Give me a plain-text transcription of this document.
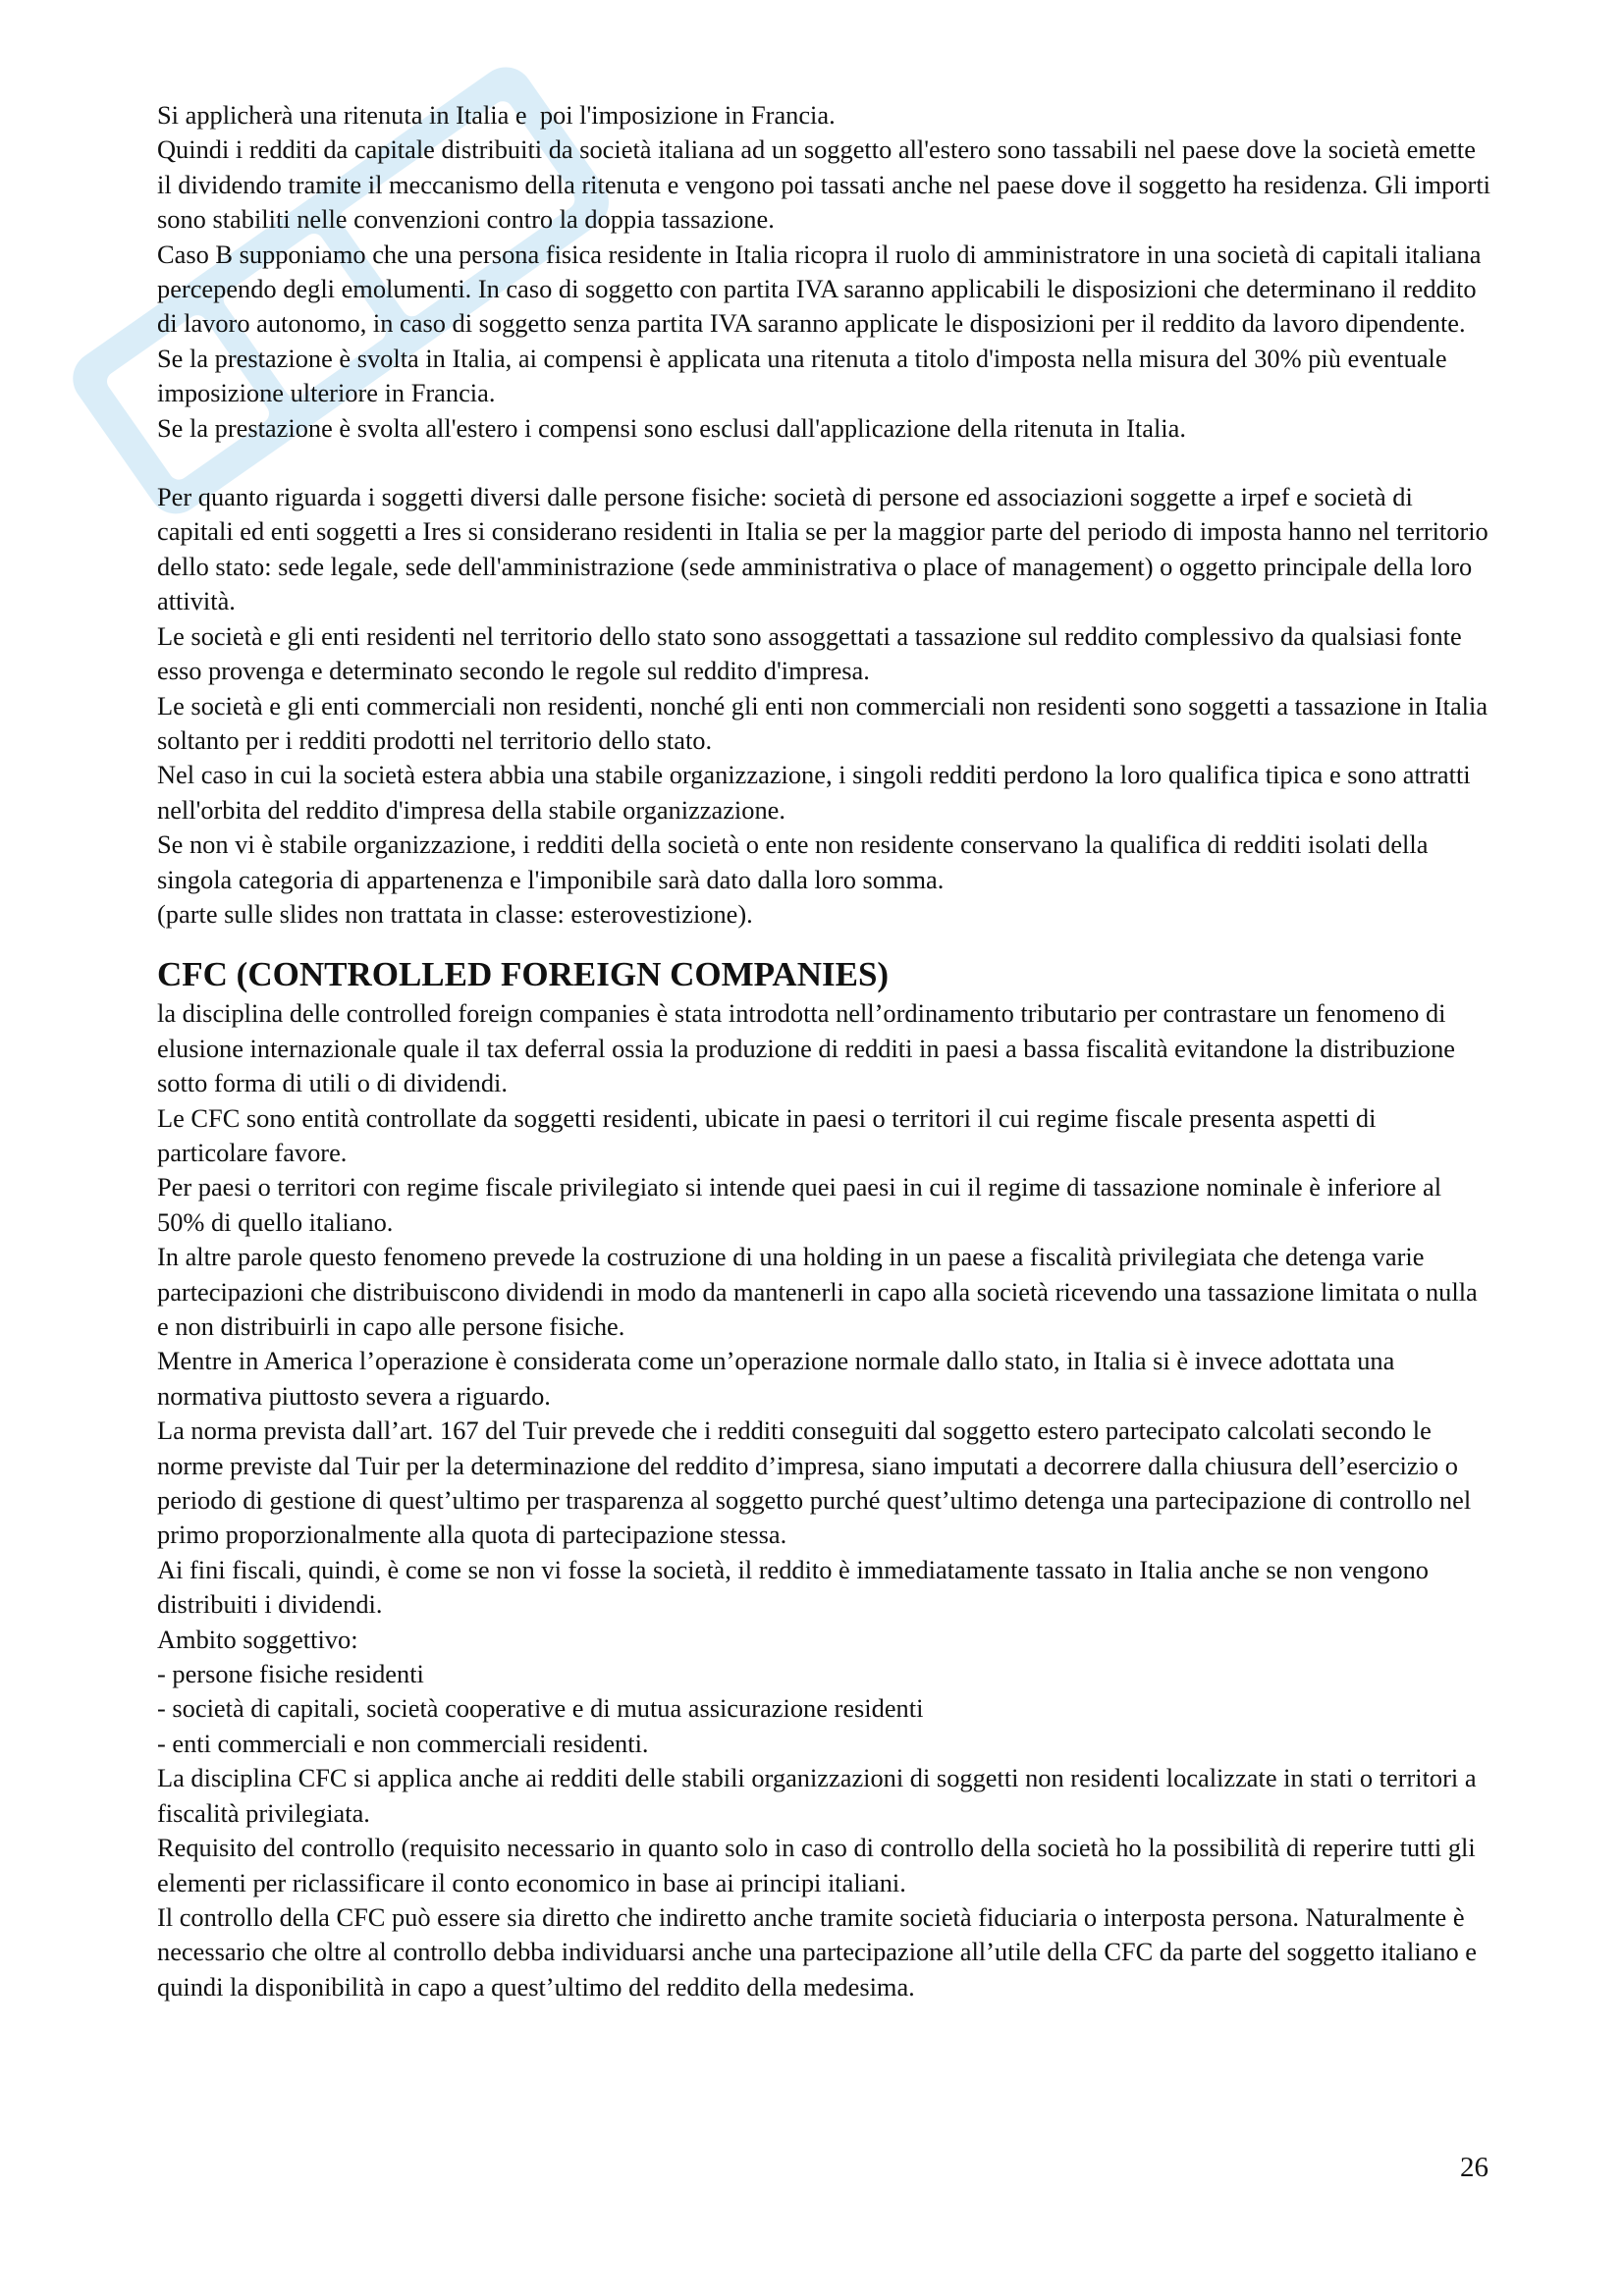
Si applicherà una ritenuta in Italia e  poi l'imposizione in Francia.

Quindi i redditi da capitale distribuiti da società italiana ad un soggetto all'estero sono tassabili nel paese dove la società emette il dividendo tramite il meccanismo della ritenuta e vengono poi tassati anche nel paese dove il soggetto ha residenza. Gli importi sono stabiliti nelle convenzioni contro la doppia tassazione.

Caso B supponiamo che una persona fisica residente in Italia ricopra il ruolo di amministratore in una società di capitali italiana percependo degli emolumenti. In caso di soggetto con partita IVA saranno applicabili le disposizioni che determinano il reddito di lavoro autonomo, in caso di soggetto senza partita IVA saranno applicate le disposizioni per il reddito da lavoro dipendente.

Se la prestazione è svolta in Italia, ai compensi è applicata una ritenuta a titolo d'imposta nella misura del 30% più eventuale imposizione ulteriore in Francia.

Se la prestazione è svolta all'estero i compensi sono esclusi dall'applicazione della ritenuta in Italia.

Per quanto riguarda i soggetti diversi dalle persone fisiche: società di persone ed associazioni soggette a irpef e società di capitali ed enti soggetti a Ires si considerano residenti in Italia se per la maggior parte del periodo di imposta hanno nel territorio dello stato: sede legale, sede dell'amministrazione (sede amministrativa o place of management) o oggetto principale della loro attività.

Le società e gli enti residenti nel territorio dello stato sono assoggettati a tassazione sul reddito complessivo da qualsiasi fonte esso provenga e determinato secondo le regole sul reddito d'impresa.

Le società e gli enti commerciali non residenti, nonché gli enti non commerciali non residenti sono soggetti a tassazione in Italia soltanto per i redditi prodotti nel territorio dello stato.

Nel caso in cui la società estera abbia una stabile organizzazione, i singoli redditi perdono la loro qualifica tipica e sono attratti nell'orbita del reddito d'impresa della stabile organizzazione.

Se non vi è stabile organizzazione, i redditi della società o ente non residente conservano la qualifica di redditi isolati della singola categoria di appartenenza e l'imponibile sarà dato dalla loro somma.

(parte sulle slides non trattata in classe: esterovestizione).

CFC (CONTROLLED FOREIGN COMPANIES)

la disciplina delle controlled foreign companies è stata introdotta nell’ordinamento tributario per contrastare un fenomeno di elusione internazionale quale il tax deferral ossia la produzione di redditi in paesi a bassa fiscalità evitandone la distribuzione sotto forma di utili o di dividendi.

Le CFC sono entità controllate da soggetti residenti, ubicate in paesi o territori il cui regime fiscale presenta aspetti di particolare favore.

Per paesi o territori con regime fiscale privilegiato si intende quei paesi in cui il regime di tassazione nominale è inferiore al 50% di quello italiano.

In altre parole questo fenomeno prevede la costruzione di una holding in un paese a fiscalità privilegiata che detenga varie partecipazioni che distribuiscono dividendi in modo da mantenerli in capo alla società ricevendo una tassazione limitata o nulla e non distribuirli in capo alle persone fisiche.

Mentre in America l’operazione è considerata come un’operazione normale dallo stato, in Italia si è invece adottata una normativa piuttosto severa a riguardo.

La norma prevista dall’art. 167 del Tuir prevede che i redditi conseguiti dal soggetto estero partecipato calcolati secondo le norme previste dal Tuir per la determinazione del reddito d’impresa, siano imputati a decorrere dalla chiusura dell’esercizio o periodo di gestione di quest’ultimo per trasparenza al soggetto purché quest’ultimo detenga una partecipazione di controllo nel primo proporzionalmente alla quota di partecipazione stessa.

Ai fini fiscali, quindi, è come se non vi fosse la società, il reddito è immediatamente tassato in Italia anche se non vengono distribuiti i dividendi.

Ambito soggettivo:

- persone fisiche residenti

- società di capitali, società cooperative e di mutua assicurazione residenti

- enti commerciali e non commerciali residenti.

La disciplina CFC si applica anche ai redditi delle stabili organizzazioni di soggetti non residenti localizzate in stati o territori a fiscalità privilegiata.

Requisito del controllo (requisito necessario in quanto solo in caso di controllo della società ho la possibilità di reperire tutti gli elementi per riclassificare il conto economico in base ai principi italiani.

Il controllo della CFC può essere sia diretto che indiretto anche tramite società fiduciaria o interposta persona. Naturalmente è necessario che oltre al controllo debba individuarsi anche una partecipazione all’utile della CFC da parte del soggetto italiano e quindi la disponibilità in capo a quest’ultimo del reddito della medesima.

26
